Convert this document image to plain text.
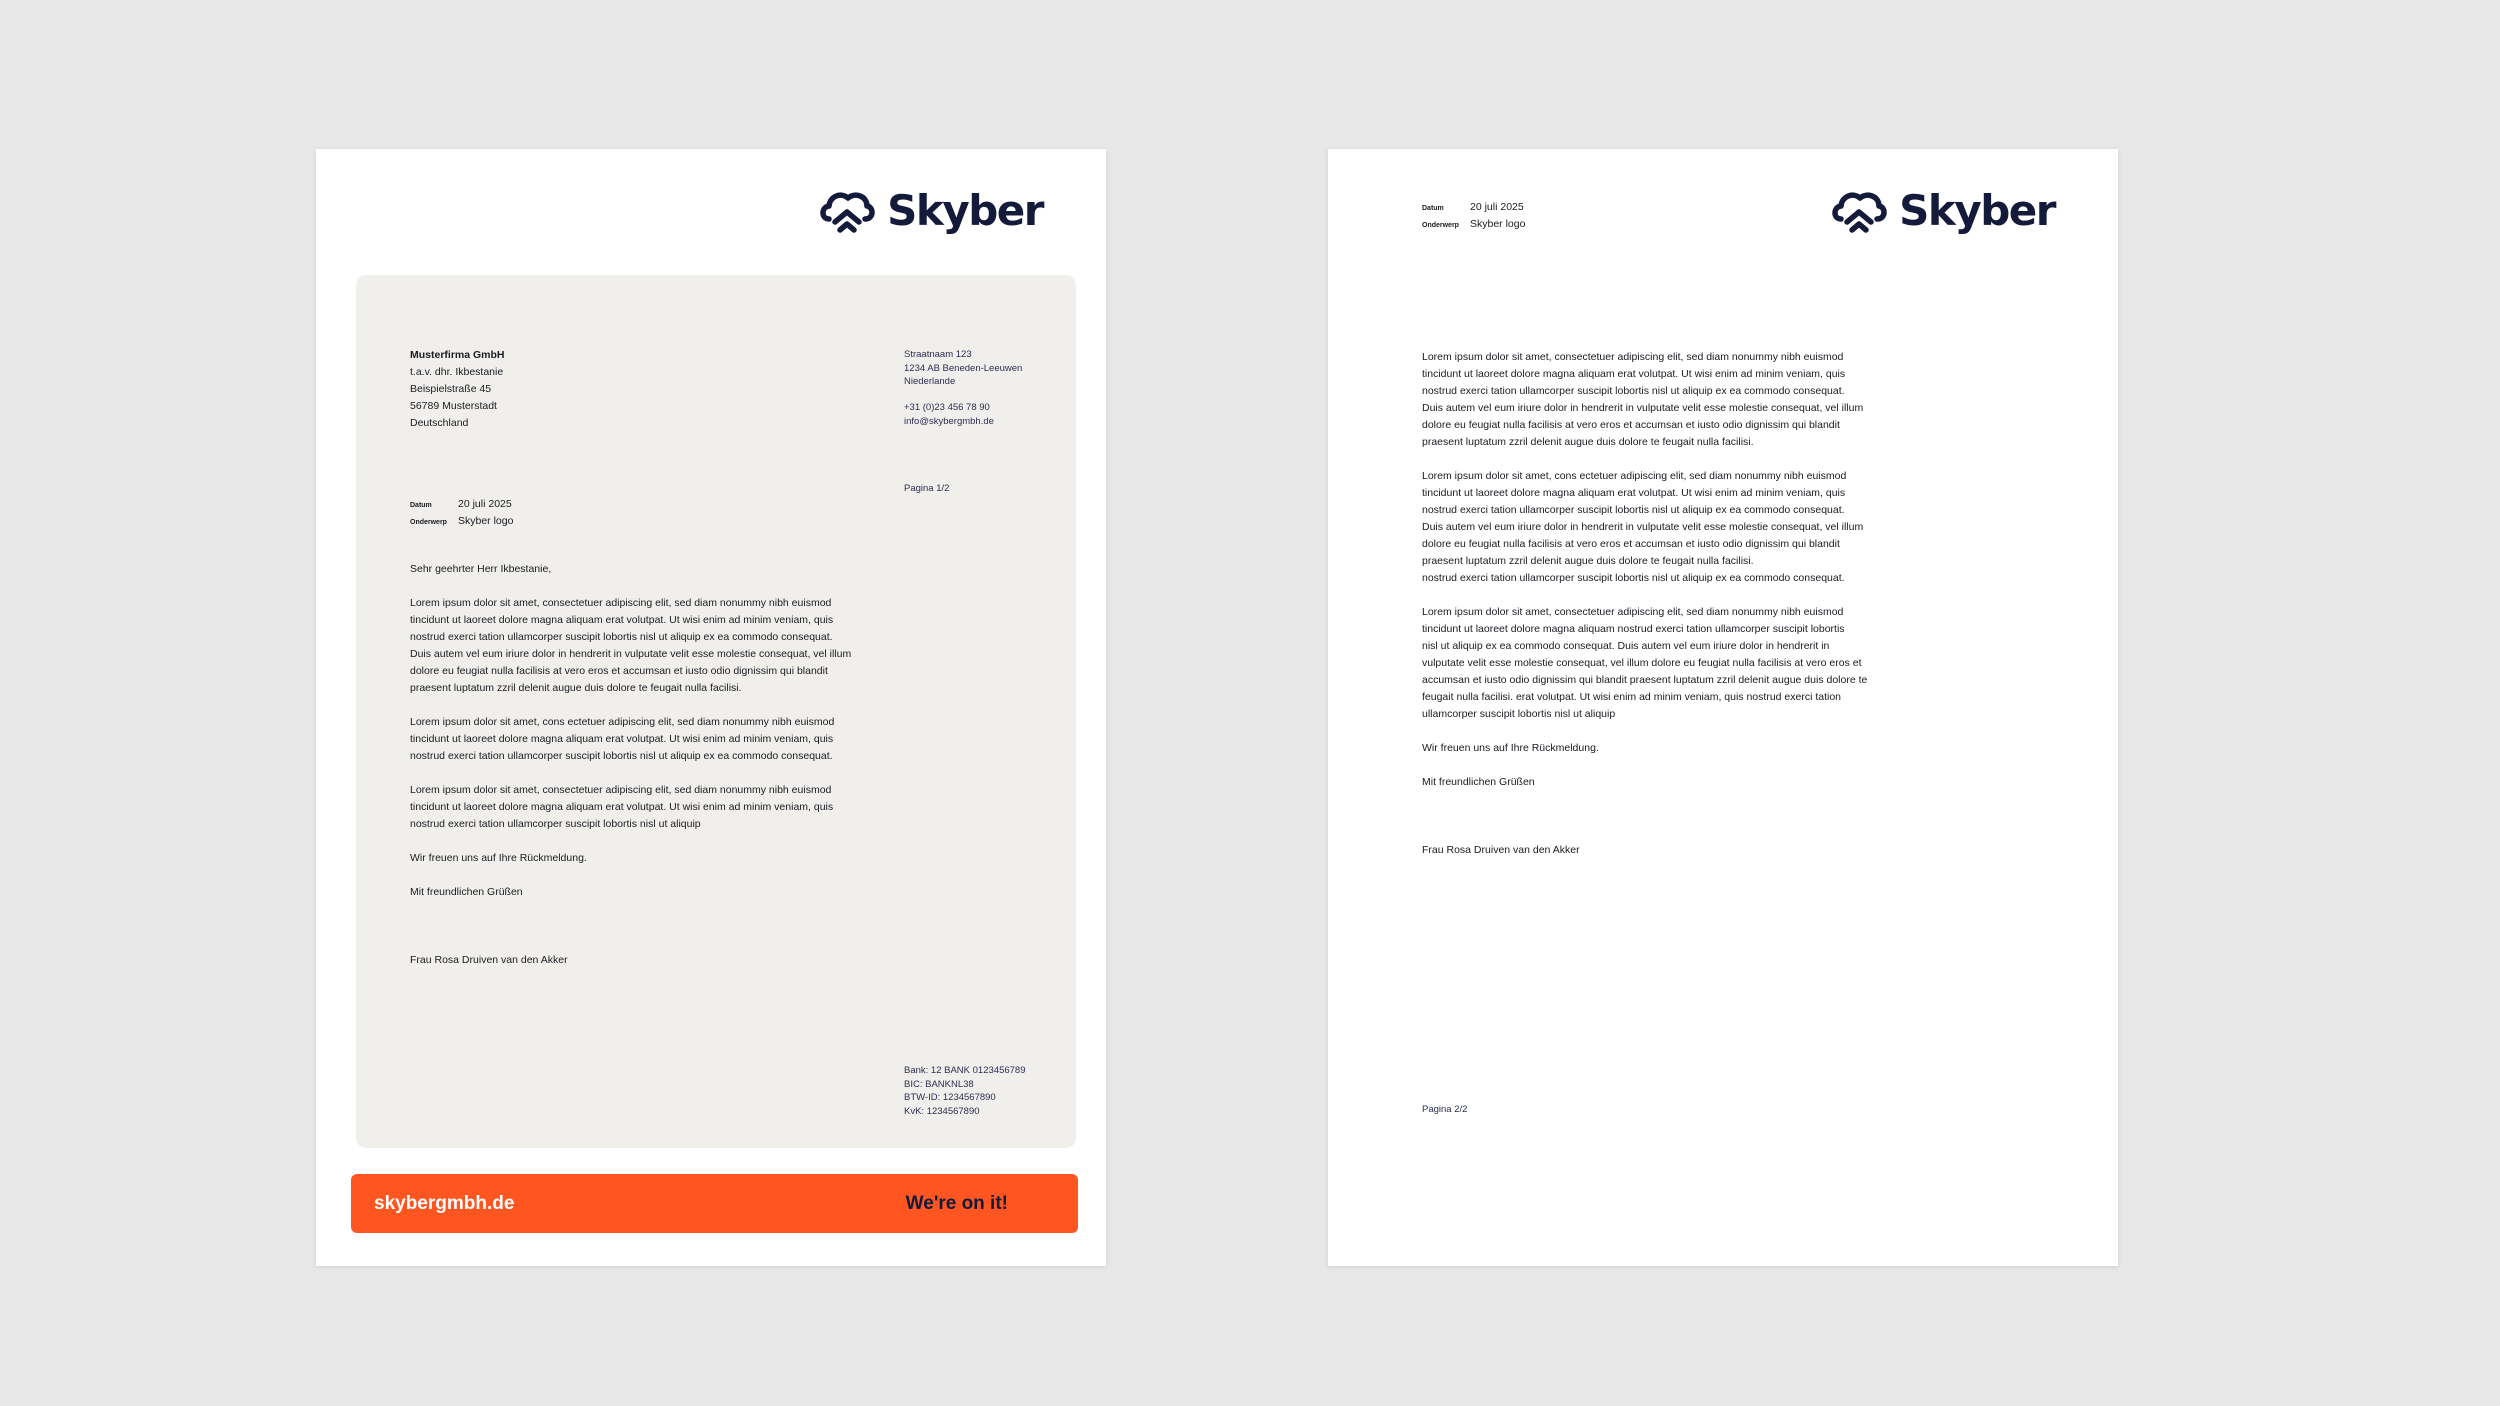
Skyber
Musterfirma GmbH
t.a.v. dhr. Ikbestanie
Beispielstraße 45
56789 Musterstadt
Deutschland
Straatnaam 123
1234 AB Beneden-Leeuwen
Niederlande
+31 (0)23 456 78 90
info@skybergmbh.de
Pagina 1/2
Datum	20 juli 2025
Onderwerp	Skyber logo
Sehr geehrter Herr Ikbestanie,
Lorem ipsum dolor sit amet, consectetuer adipiscing elit, sed diam nonummy nibh euismod
tincidunt ut laoreet dolore magna aliquam erat volutpat. Ut wisi enim ad minim veniam, quis
nostrud exerci tation ullamcorper suscipit lobortis nisl ut aliquip ex ea commodo consequat.
Duis autem vel eum iriure dolor in hendrerit in vulputate velit esse molestie consequat, vel illum
dolore eu feugiat nulla facilisis at vero eros et accumsan et iusto odio dignissim qui blandit
praesent luptatum zzril delenit augue duis dolore te feugait nulla facilisi.
Lorem ipsum dolor sit amet, cons ectetuer adipiscing elit, sed diam nonummy nibh euismod
tincidunt ut laoreet dolore magna aliquam erat volutpat. Ut wisi enim ad minim veniam, quis
nostrud exerci tation ullamcorper suscipit lobortis nisl ut aliquip ex ea commodo consequat.
Lorem ipsum dolor sit amet, consectetuer adipiscing elit, sed diam nonummy nibh euismod
tincidunt ut laoreet dolore magna aliquam erat volutpat. Ut wisi enim ad minim veniam, quis
nostrud exerci tation ullamcorper suscipit lobortis nisl ut aliquip
Wir freuen uns auf Ihre Rückmeldung.
Mit freundlichen Grüßen
Frau Rosa Druiven van den Akker
Bank: 12 BANK 0123456789
BIC: BANKNL38
BTW-ID: 1234567890
KvK: 1234567890
skybergmbh.de	We're on it!
Skyber
Datum	20 juli 2025
Onderwerp	Skyber logo
Lorem ipsum dolor sit amet, consectetuer adipiscing elit, sed diam nonummy nibh euismod
tincidunt ut laoreet dolore magna aliquam erat volutpat. Ut wisi enim ad minim veniam, quis
nostrud exerci tation ullamcorper suscipit lobortis nisl ut aliquip ex ea commodo consequat.
Duis autem vel eum iriure dolor in hendrerit in vulputate velit esse molestie consequat, vel illum
dolore eu feugiat nulla facilisis at vero eros et accumsan et iusto odio dignissim qui blandit
praesent luptatum zzril delenit augue duis dolore te feugait nulla facilisi.
Lorem ipsum dolor sit amet, cons ectetuer adipiscing elit, sed diam nonummy nibh euismod
tincidunt ut laoreet dolore magna aliquam erat volutpat. Ut wisi enim ad minim veniam, quis
nostrud exerci tation ullamcorper suscipit lobortis nisl ut aliquip ex ea commodo consequat.
Duis autem vel eum iriure dolor in hendrerit in vulputate velit esse molestie consequat, vel illum
dolore eu feugiat nulla facilisis at vero eros et accumsan et iusto odio dignissim qui blandit
praesent luptatum zzril delenit augue duis dolore te feugait nulla facilisi.
nostrud exerci tation ullamcorper suscipit lobortis nisl ut aliquip ex ea commodo consequat.
Lorem ipsum dolor sit amet, consectetuer adipiscing elit, sed diam nonummy nibh euismod
tincidunt ut laoreet dolore magna aliquam nostrud exerci tation ullamcorper suscipit lobortis
nisl ut aliquip ex ea commodo consequat. Duis autem vel eum iriure dolor in hendrerit in
vulputate velit esse molestie consequat, vel illum dolore eu feugiat nulla facilisis at vero eros et
accumsan et iusto odio dignissim qui blandit praesent luptatum zzril delenit augue duis dolore te
feugait nulla facilisi. erat volutpat. Ut wisi enim ad minim veniam, quis nostrud exerci tation
ullamcorper suscipit lobortis nisl ut aliquip
Wir freuen uns auf Ihre Rückmeldung.
Mit freundlichen Grüßen
Frau Rosa Druiven van den Akker
Pagina 2/2
